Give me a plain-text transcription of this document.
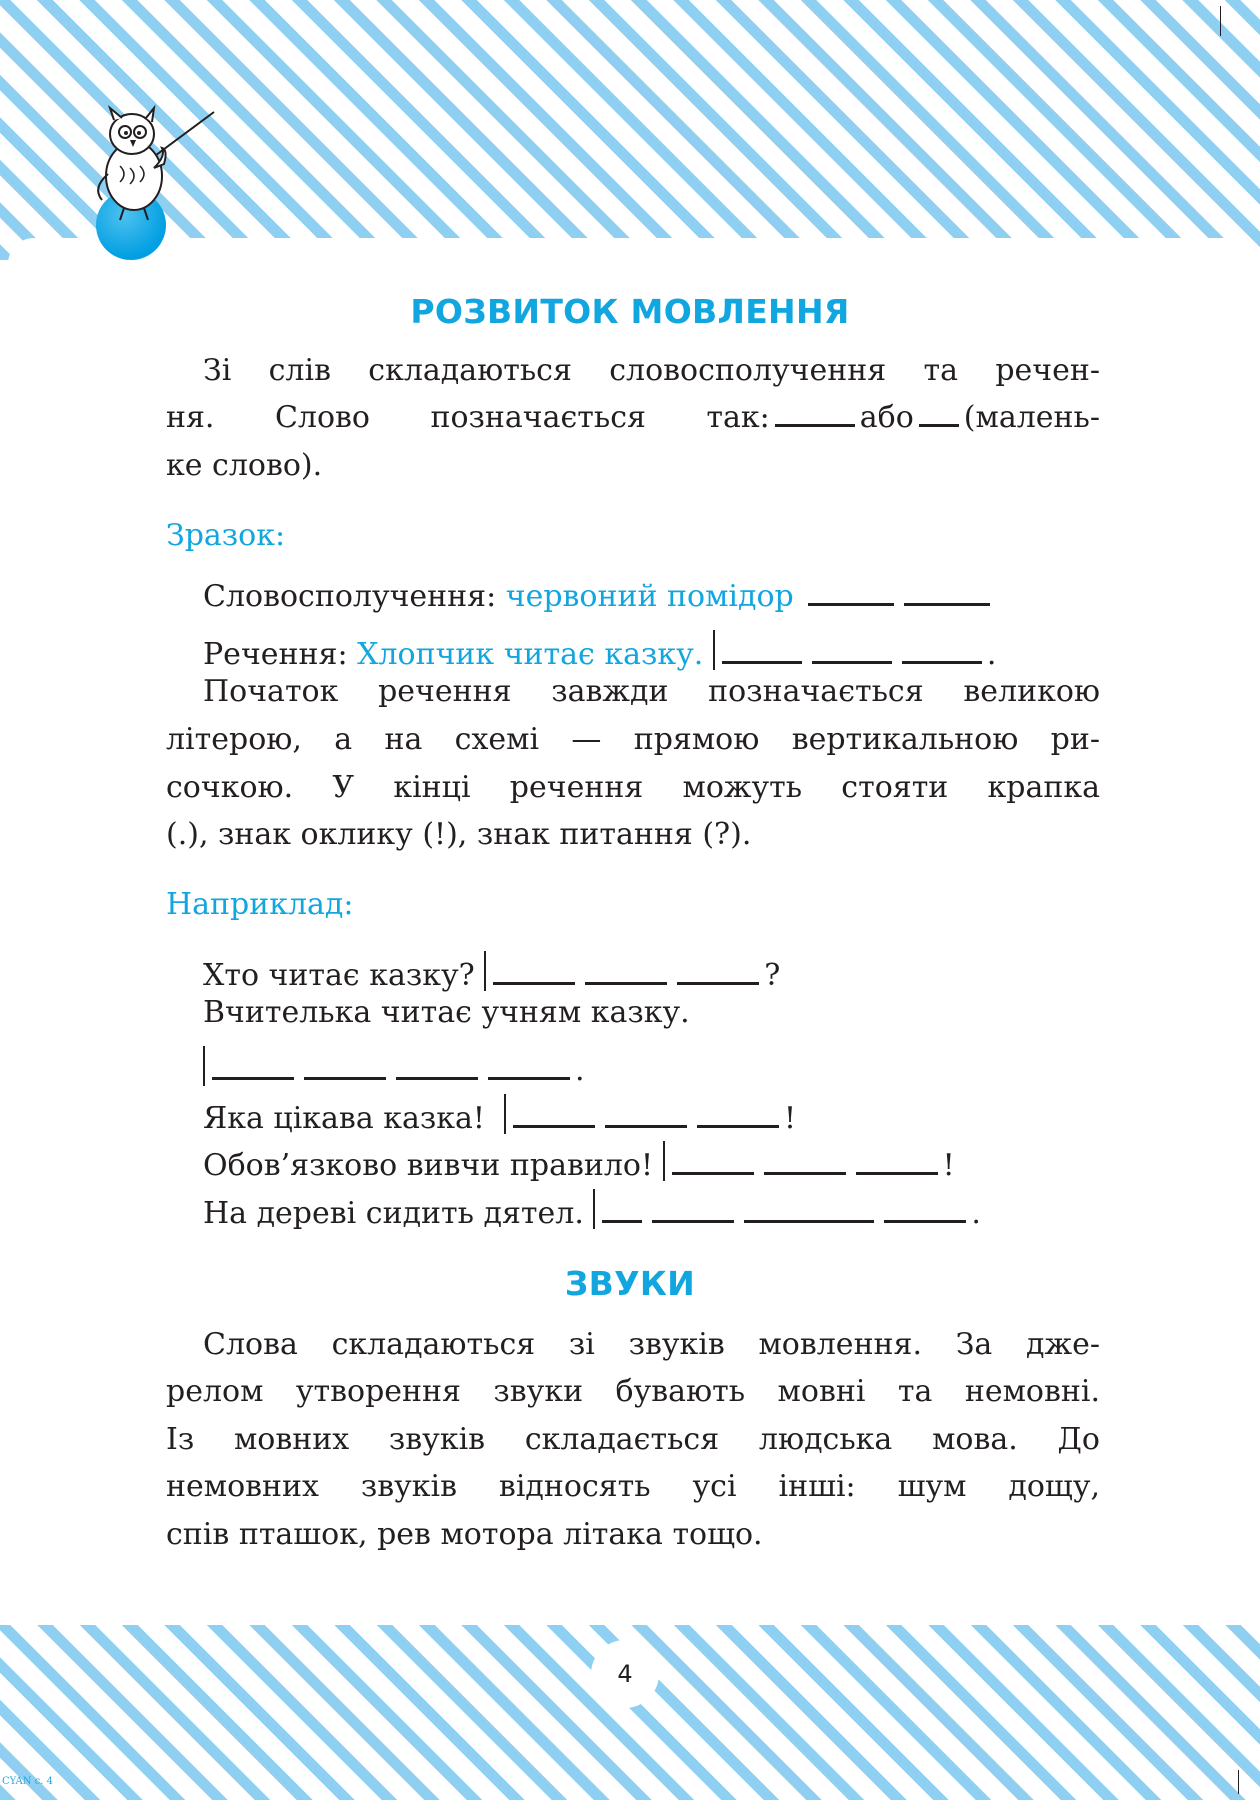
РОЗВИТОК МОВЛЕННЯ
Зі слів складаються словосполучення та речен-
ня. Слово позначається так:	або (малень-
ке слово).
Зразок:
Словосполучення: червоний помідор
Речення: Хлопчик читає казку.	.
Початок речення завжди позначається великою
літерою, а на схемі — прямою вертикальною ри-
сочкою. У кінці речення можуть стояти крапка
(.), знак оклику (!), знак питання (?).
Наприклад:
Хто читає казку?	?
Вчителька читає учням казку.
.
Яка цікава казка!	!
Обов’язково вивчи правило!	!
На дереві сидить дятел.	.
ЗВУКИ
Слова складаються зі звуків мовлення. За дже-
релом утворення звуки бувають мовні та немовні.
Із мовних звуків складається людська мова. До
немовних звуків відносять усі інші: шум дощу,
спів пташок, рев мотора літака тощо.
4
CYAN с. 4
